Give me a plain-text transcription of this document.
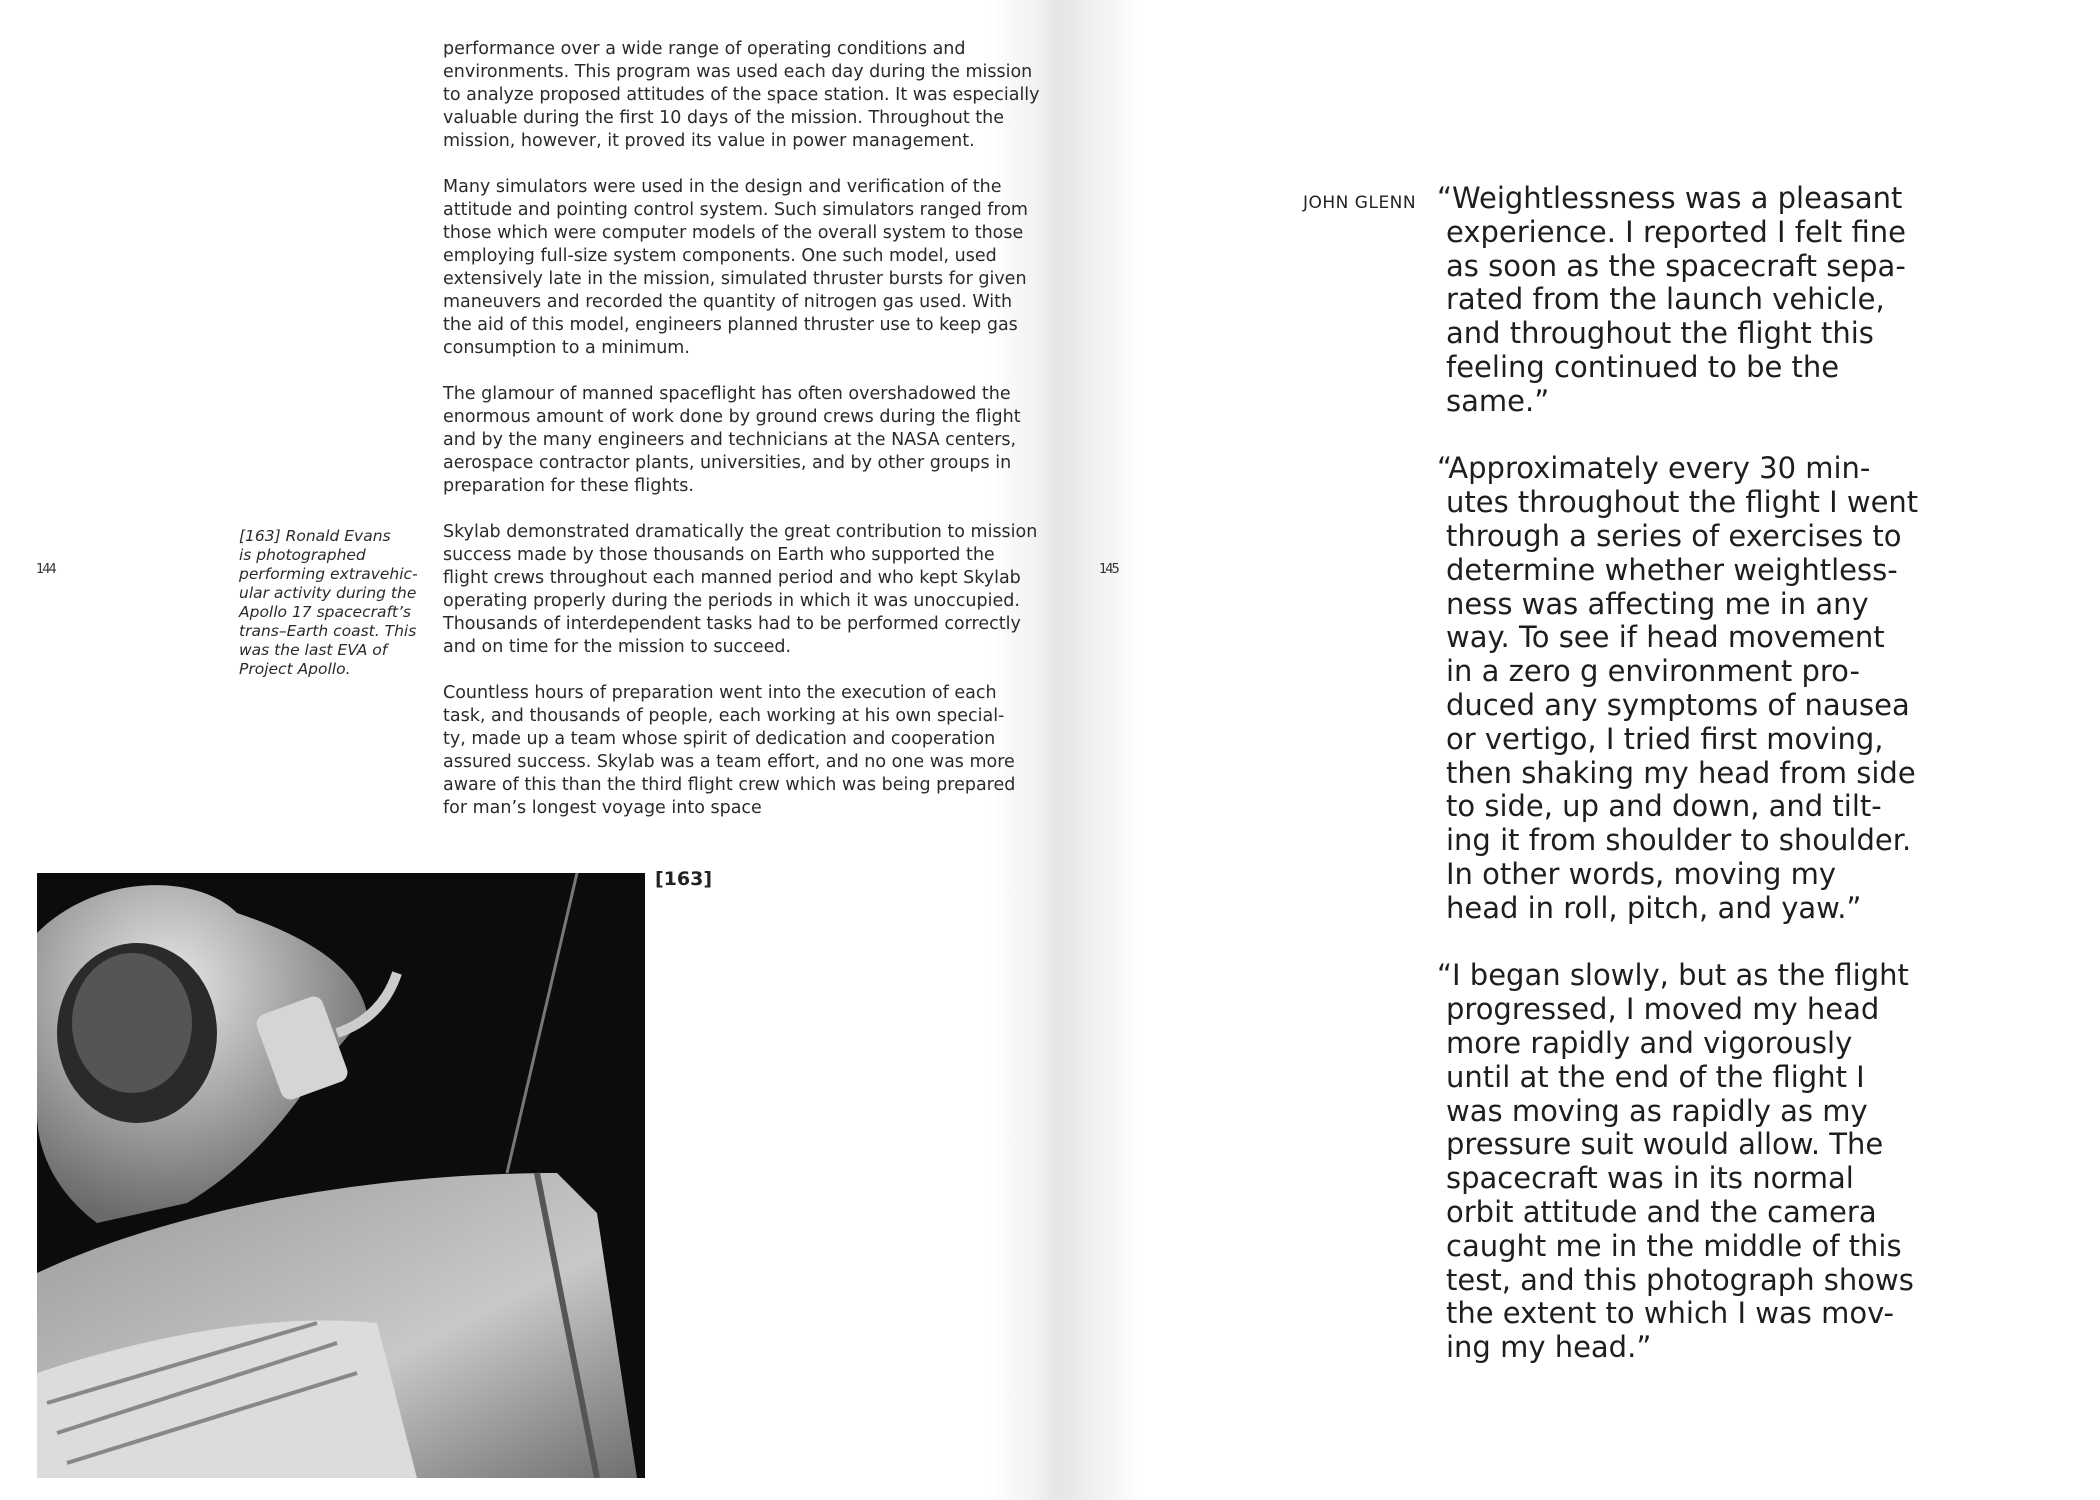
144	145

performance over a wide range of operating conditions and
environments. This program was used each day during the mission
to analyze proposed attitudes of the space station. It was especially
valuable during the first 10 days of the mission. Throughout the
mission, however, it proved its value in power management.

Many simulators were used in the design and verification of the
attitude and pointing control system. Such simulators ranged from
those which were computer models of the overall system to those
employing full-size system components. One such model, used
extensively late in the mission, simulated thruster bursts for given
maneuvers and recorded the quantity of nitrogen gas used. With
the aid of this model, engineers planned thruster use to keep gas
consumption to a minimum.

The glamour of manned spaceflight has often overshadowed the
enormous amount of work done by ground crews during the flight
and by the many engineers and technicians at the NASA centers,
aerospace contractor plants, universities, and by other groups in
preparation for these flights.

Skylab demonstrated dramatically the great contribution to mission
success made by those thousands on Earth who supported the
flight crews throughout each manned period and who kept Skylab
operating properly during the periods in which it was unoccupied.
Thousands of interdependent tasks had to be performed correctly
and on time for the mission to succeed.

Countless hours of preparation went into the execution of each
task, and thousands of people, each working at his own special-
ty, made up a team whose spirit of dedication and cooperation
assured success. Skylab was a team effort, and no one was more
aware of this than the third flight crew which was being prepared
for man’s longest voyage into space

[163] Ronald Evans
is photographed
performing extravehic-
ular activity during the
Apollo 17 spacecraft’s
trans–Earth coast. This
was the last EVA of
Project Apollo.
[163]
JOHN GLENN “Weightlessness was a pleasant
experience. I reported I felt fine
as soon as the spacecraft sepa-
rated from the launch vehicle,
and throughout the flight this
feeling continued to be the
same.”

“Approximately every 30 min-
utes throughout the flight I went
through a series of exercises to
determine whether weightless-
ness was affecting me in any
way. To see if head movement
in a zero g environment pro-
duced any symptoms of nausea
or vertigo, I tried first moving,
then shaking my head from side
to side, up and down, and tilt-
ing it from shoulder to shoulder.
In other words, moving my
head in roll, pitch, and yaw.”

“I began slowly, but as the flight
progressed, I moved my head
more rapidly and vigorously
until at the end of the flight I
was moving as rapidly as my
pressure suit would allow. The
spacecraft was in its normal
orbit attitude and the camera
caught me in the middle of this
test, and this photograph shows
the extent to which I was mov-
ing my head.”
